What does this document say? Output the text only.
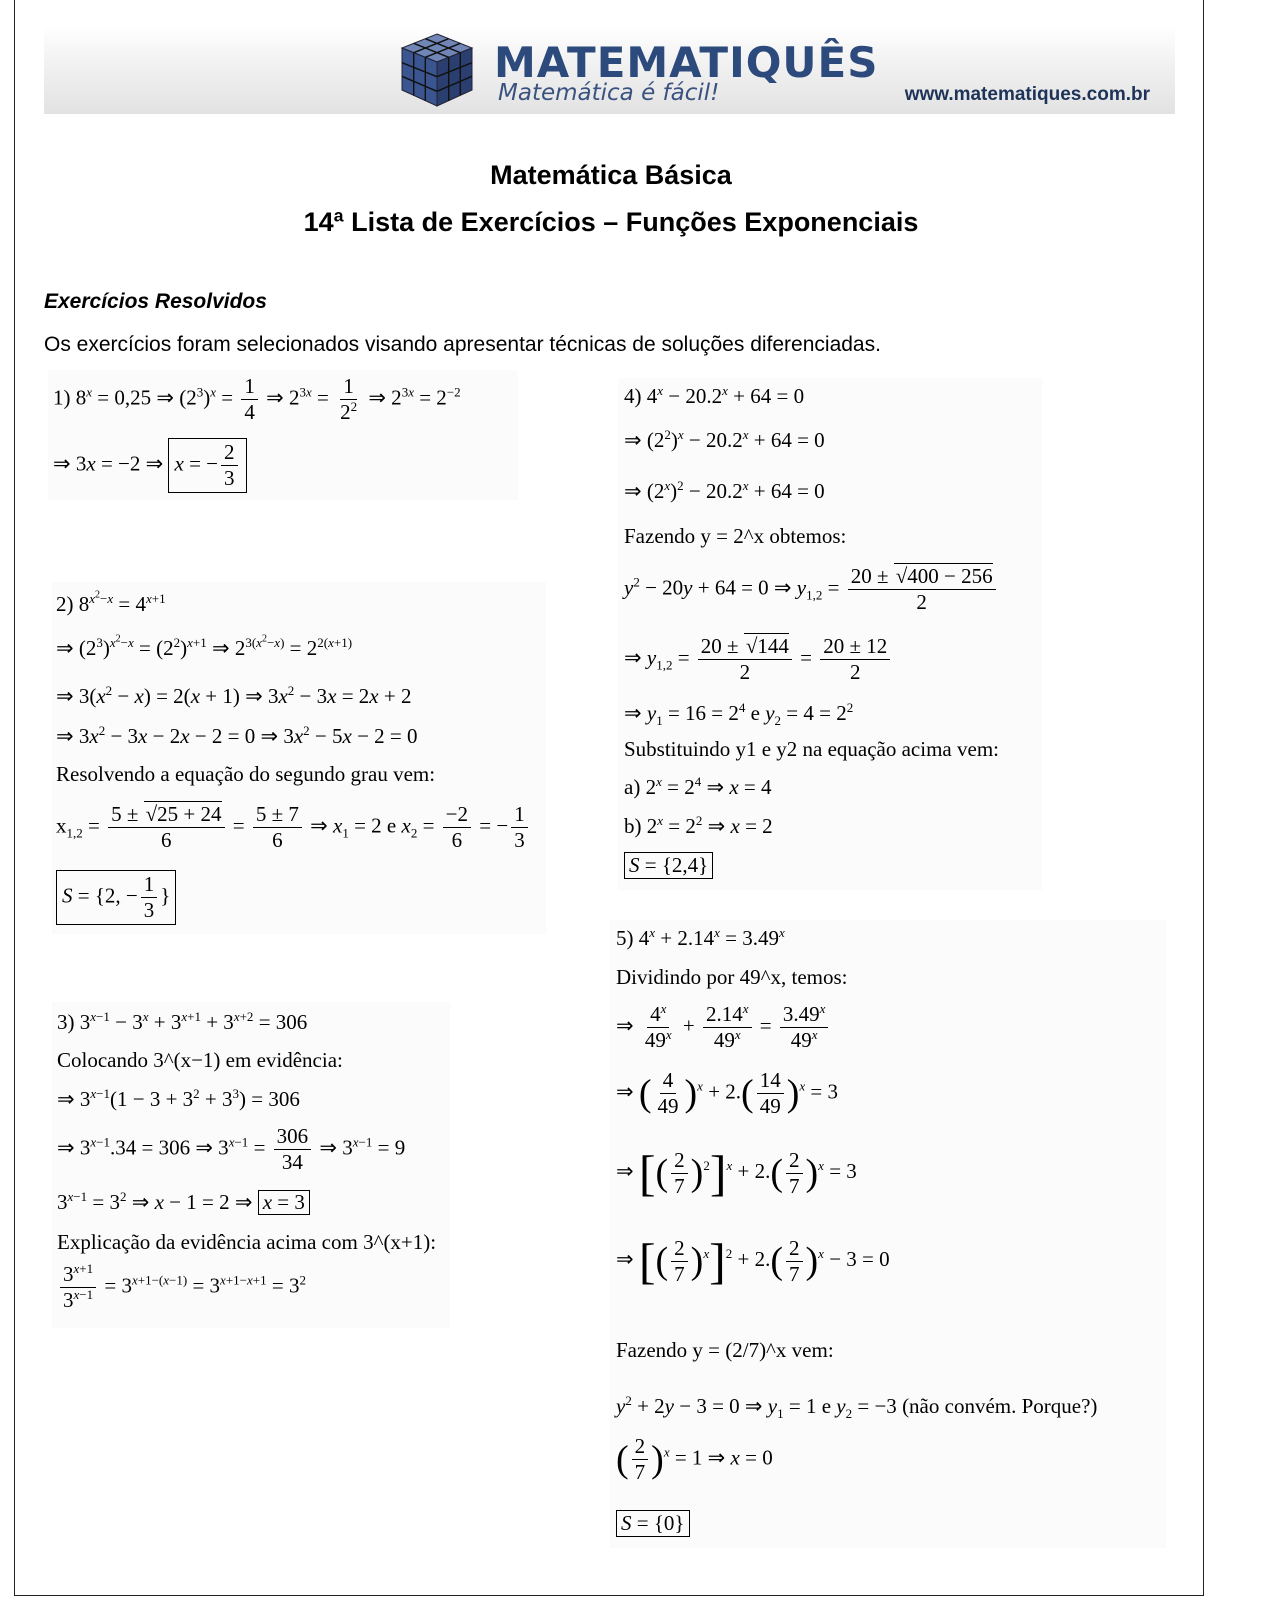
MATEMATIQUÊS
Matemática é fácil!	www.matematiques.com.br
Matemática Básica
14ª Lista de Exercícios – Funções Exponenciais
Exercícios Resolvidos
Os exercícios foram selecionados visando apresentar técnicas de soluções diferenciadas.
1) $8^x = 0,25$ ⇒ $(2^3)^x = \frac{1}{4}$ ⇒ $2^{3x} = \frac{1}{2^2}$ ⇒ $2^{3x} = 2^{-2}$
⇒ 3x = −2 ⇒ x = − $\frac{2}{3}$
2) $8^{x^2-x} = 4^{x+1}$
⇒ $(2^3)^{x^2-x} = (2^2)^{x+1}$ ⇒ $2^{3(x^2-x)} = 2^{2(x+1)}$
⇒ $3(x^2 - x) = 2(x + 1)$ ⇒ $3x^2 - 3x = 2x + 2$
⇒ $3x^2 - 3x - 2x - 2 = 0$ ⇒ $3x^2 - 5x - 2 = 0$
Resolvendo a equação do segundo grau vem:
$x_{1,2} = \frac{5 \pm √25 + 24}{6} = \frac{5 \pm 7}{6}$ ⇒ $x_1 = 2$ e $x_2 = \frac{-2}{6}$ = − $\frac{1}{3}$
S = {2, − $\frac{1}{3}$ }
3) $3^{x-1} - 3^x + 3^{x+1} + 3^{x+2} = 306$
Colocando 3^(x−1) em evidência:
⇒ $3^{x-1}(1 - 3 + 3^2 + 3^3) = 306$
⇒ $3^{x-1}.34 = 306$ ⇒ $3^{x-1} = \frac{306}{34}$ ⇒ $3^{x-1} = 9$
$3^{x-1} = 3^2$ ⇒ x − 1 = 2 ⇒ x = 3
Explicação da evidência acima com 3^(x+1):
$\frac{3^{x+1}}{3^{x-1}} = 3^{x+1-(x-1)} = 3^{x+1-x+1} = 3^2$
4) $4^x - 20.2^x + 64 = 0$
⇒ $(2^2)^x - 20.2^x + 64 = 0$
⇒ $(2^x)^2 - 20.2^x + 64 = 0$
Fazendo y = 2^x obtemos:
$y^2 - 20y + 64 = 0$ ⇒ $y_{1,2} = \frac{20 \pm √400 - 256}{2}$
⇒ $y_{1,2} = \frac{20 \pm √144}{2} = \frac{20 \pm 12}{2}$
⇒ $y_1 = 16 = 2^4$ e $y_2 = 4 = 2^2$
Substituindo y1 e y2 na equação acima vem:
a) $2^x = 2^4$ ⇒ x = 4
b) $2^x = 2^2$ ⇒ x = 2
S = {2,4}
5) $4^x + 2.14^x = 3.49^x$
Dividindo por 49^x, temos:
⇒ $\frac{4^x}{49^x} + \frac{2.14^x}{49^x} = \frac{3.49^x}{49^x}$
⇒ ( $\frac{4}{49} )^x + 2.( \frac{14}{49} )^x = 3$
⇒ [( $\frac{2}{7} )^2]^x + 2.( \frac{2}{7} )^x = 3$
⇒ [( $\frac{2}{7} )^x]^2 + 2.( \frac{2}{7} )^x - 3 = 0$
Fazendo y = (2/7)^x vem:
$y^2 + 2y - 3 = 0$ ⇒ $y_1 = 1$ e $y_2 = -3$ (não convém. Porque?)
( $\frac{2}{7} )^x = 1$ ⇒ x = 0
S = {0}
